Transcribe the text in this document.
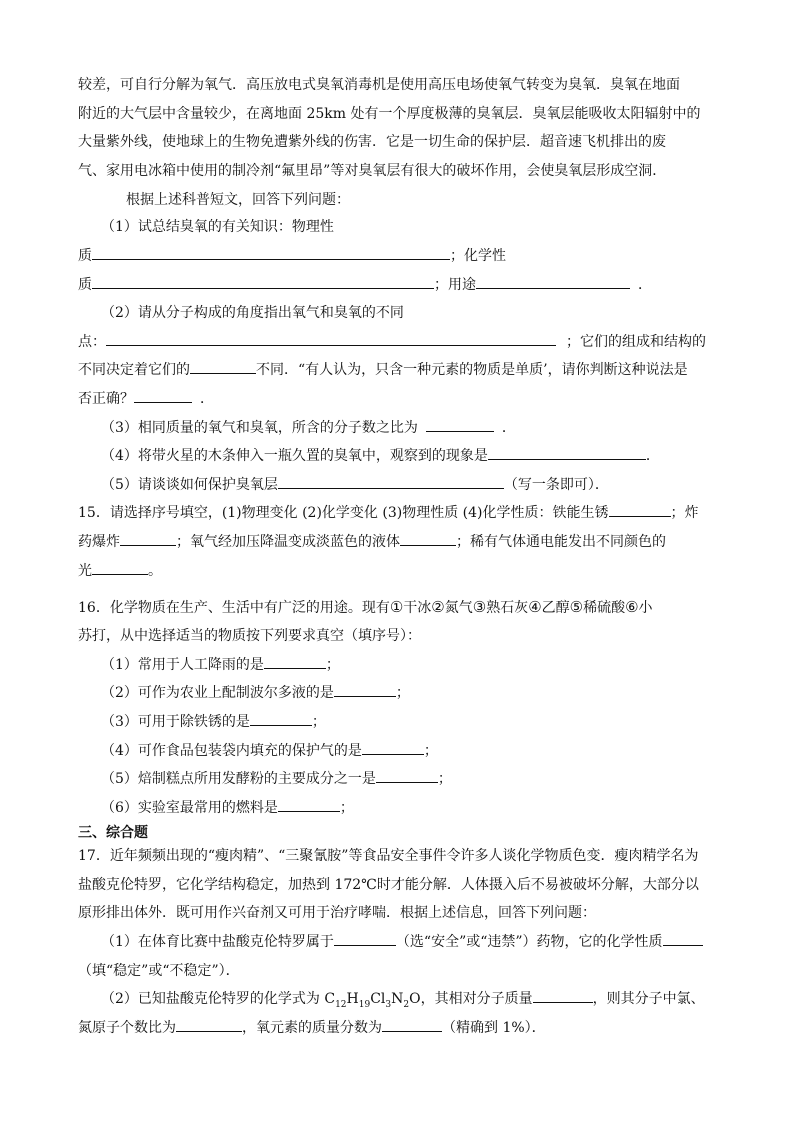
较差，可自行分解为氧气．高压放电式臭氧消毒机是使用高压电场使氧气转变为臭氧．臭氧在地面
附近的大气层中含量较少，在离地面 25km 处有一个厚度极薄的臭氧层．臭氧层能吸收太阳辐射中的
大量紫外线，使地球上的生物免遭紫外线的伤害．它是一切生命的保护层．超音速飞机排出的废
气、家用电冰箱中使用的制冷剂“氟里昂”等对臭氧层有很大的破坏作用，会使臭氧层形成空洞．
根据上述科普短文，回答下列问题：
（1）试总结臭氧的有关知识：物理性
质	；化学性
质	；用途	．
（2）请从分子构成的角度指出氧气和臭氧的不同
点：	；它们的组成和结构的
不同决定着它们的	不同．“有人认为，只含一种元素的物质是单质’，请你判断这种说法是
否正确？	．
（3）相同质量的氧气和臭氧，所含的分子数之比为	．
（4）将带火星的木条伸入一瓶久置的臭氧中，观察到的现象是	．
（5）请谈谈如何保护臭氧层	（写一条即可）．
15．请选择序号填空，(1)物理变化 (2)化学变化 (3)物理性质 (4)化学性质：铁能生锈	；炸
药爆炸	；氧气经加压降温变成淡蓝色的液体	；稀有气体通电能发出不同颜色的
光	。
16．化学物质在生产、生活中有广泛的用途。现有①干冰②氮气③熟石灰④乙醇⑤稀硫酸⑥小
苏打，从中选择适当的物质按下列要求真空（填序号）：
（1）常用于人工降雨的是	；
（2）可作为农业上配制波尔多液的是	；
（3）可用于除铁锈的是	；
（4）可作食品包装袋内填充的保护气的是	；
（5）焙制糕点所用发酵粉的主要成分之一是	；
（6）实验室最常用的燃料是	；
三、综合题
17．近年频频出现的“瘦肉精”、“三聚氰胺”等食品安全事件令许多人谈化学物质色变．瘦肉精学名为
盐酸克伦特罗，它化学结构稳定，加热到 172℃时才能分解．人体摄入后不易被破坏分解，大部分以
原形排出体外．既可用作兴奋剂又可用于治疗哮喘．根据上述信息，回答下列问题：
（1）在体育比赛中盐酸克伦特罗属于	（选“安全”或“违禁”）药物，它的化学性质
（填“稳定”或“不稳定”）．
（2）已知盐酸克伦特罗的化学式为 $C_{12}H_{19}Cl_3N_2O$，其相对分子质量	，则其分子中氯、
氮原子个数比为	，氧元素的质量分数为	（精确到 1%）．
